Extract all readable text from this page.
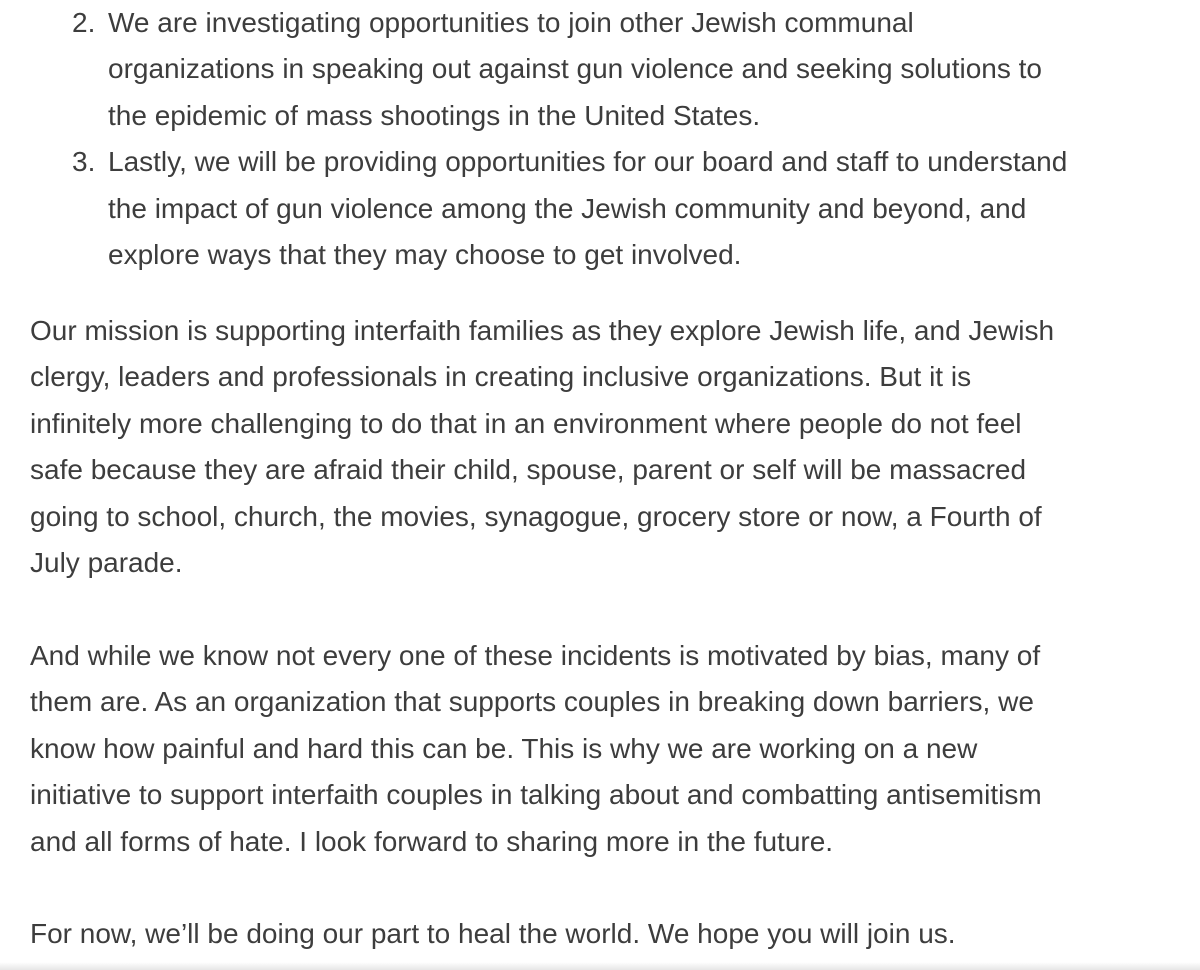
2. We are investigating opportunities to join other Jewish communal
organizations in speaking out against gun violence and seeking solutions to
the epidemic of mass shootings in the United States.
3. Lastly, we will be providing opportunities for our board and staff to understand
the impact of gun violence among the Jewish community and beyond, and
explore ways that they may choose to get involved.

Our mission is supporting interfaith families as they explore Jewish life, and Jewish
clergy, leaders and professionals in creating inclusive organizations. But it is
infinitely more challenging to do that in an environment where people do not feel
safe because they are afraid their child, spouse, parent or self will be massacred
going to school, church, the movies, synagogue, grocery store or now, a Fourth of
July parade.

And while we know not every one of these incidents is motivated by bias, many of
them are. As an organization that supports couples in breaking down barriers, we
know how painful and hard this can be. This is why we are working on a new
initiative to support interfaith couples in talking about and combatting antisemitism
and all forms of hate. I look forward to sharing more in the future.

For now, we’ll be doing our part to heal the world. We hope you will join us.
